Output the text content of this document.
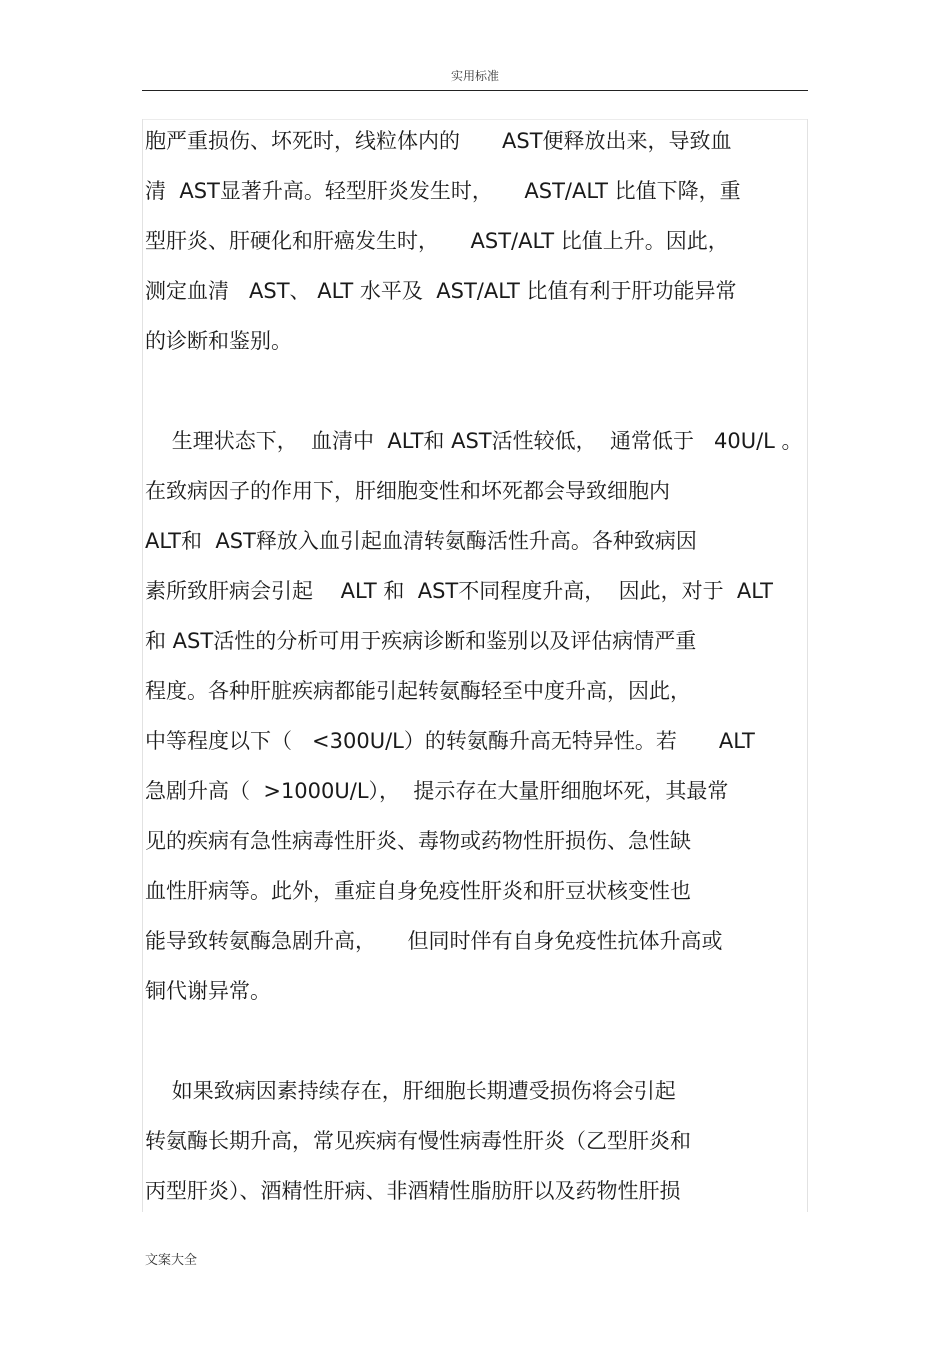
实用标准
胞严重损伤、坏死时，线粒体内的　　AST便释放出来，导致血
清  AST显著升高。轻型肝炎发生时，　　AST/ALT 比值下降，重
型肝炎、肝硬化和肝癌发生时，　　AST/ALT 比值上升。因此，
测定血清   AST、 ALT 水平及  AST/ALT 比值有利于肝功能异常
的诊断和鉴别。
生理状态下，  血清中  ALT和 AST活性较低，  通常低于   40U/L 。
在致病因子的作用下，肝细胞变性和坏死都会导致细胞内
ALT和  AST释放入血引起血清转氨酶活性升高。各种致病因
素所致肝病会引起　 ALT 和  AST不同程度升高，  因此，对于  ALT
和 AST活性的分析可用于疾病诊断和鉴别以及评估病情严重
程度。各种肝脏疾病都能引起转氨酶轻至中度升高，因此，
中等程度以下（   <300U/L）的转氨酶升高无特异性。若　　ALT
急剧升高（  >1000U/L），  提示存在大量肝细胞坏死，其最常
见的疾病有急性病毒性肝炎、毒物或药物性肝损伤、急性缺
血性肝病等。此外，重症自身免疫性肝炎和肝豆状核变性也
能导致转氨酶急剧升高，　　但同时伴有自身免疫性抗体升高或
铜代谢异常。
如果致病因素持续存在，肝细胞长期遭受损伤将会引起
转氨酶长期升高，常见疾病有慢性病毒性肝炎（乙型肝炎和
丙型肝炎）、酒精性肝病、非酒精性脂肪肝以及药物性肝损
文案大全
